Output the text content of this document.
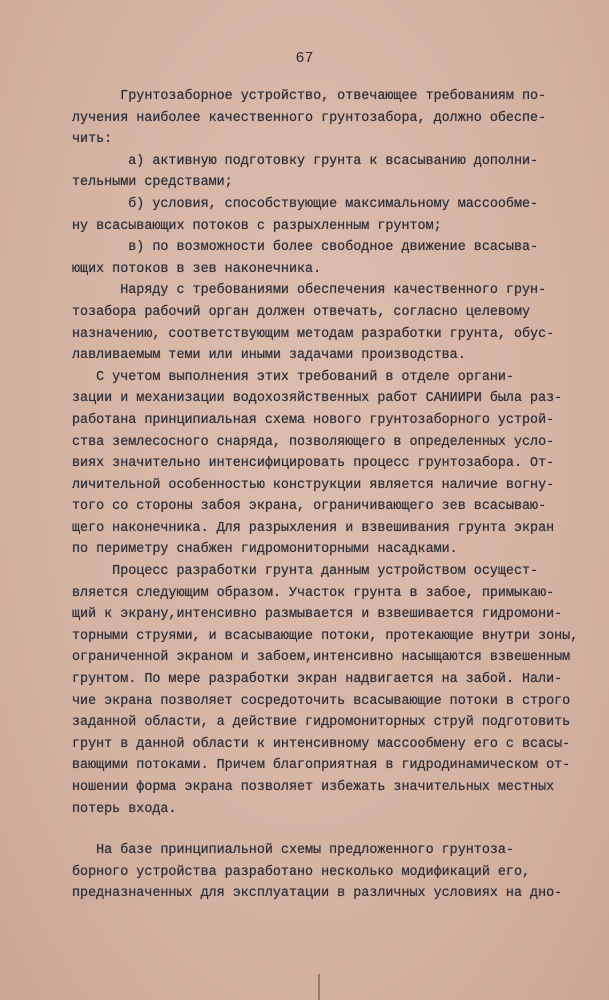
67
Грунтозаборное устройство, отвечающее требованиям по-
лучения наиболее качественного грунтозабора, должно обеспе-
чить:
а) активную подготовку грунта к всасыванию дополни-
тельными средствами;
б) условия, способствующие максимальному массообме-
ну всасывающих потоков с разрыхленным грунтом;
в) по возможности более свободное движение всасыва-
ющих потоков в зев наконечника.
Наряду с требованиями обеспечения качественного грун-
тозабора рабочий орган должен отвечать, согласно целевому
назначению, соответствующим методам разработки грунта, обус-
лавливаемым теми или иными задачами производства.
С учетом выполнения этих требований в отделе органи-
зации и механизации водохозяйственных работ САНИИРИ была раз-
работана принципиальная схема нового грунтозаборного устрой-
ства землесосного снаряда, позволяющего в определенных усло-
виях значительно интенсифицировать процесс грунтозабора. От-
личительной особенностью конструкции является наличие вогну-
того со стороны забоя экрана, ограничивающего зев всасываю-
щего наконечника. Для разрыхления и взвешивания грунта экран
по периметру снабжен гидромониторными насадками.
Процесс разработки грунта данным устройством осущест-
вляется следующим образом. Участок грунта в забое, примыкаю-
щий к экрану,интенсивно размывается и взвешивается гидромони-
торными струями, и всасывающие потоки, протекающие внутри зоны,
ограниченной экраном и забоем,интенсивно насыщаются взвешенным
грунтом. По мере разработки экран надвигается на забой. Нали-
чие экрана позволяет сосредоточить всасывающие потоки в строго
заданной области, а действие гидромониторных струй подготовить
грунт в данной области к интенсивному массообмену его с всасы-
вающими потоками. Причем благоприятная в гидродинамическом от-
ношении форма экрана позволяет избежать значительных местных
потерь входа.
На базе принципиальной схемы предложенного грунтоза-
борного устройства разработано несколько модификаций его,
предназначенных для эксплуатации в различных условиях на дно-
